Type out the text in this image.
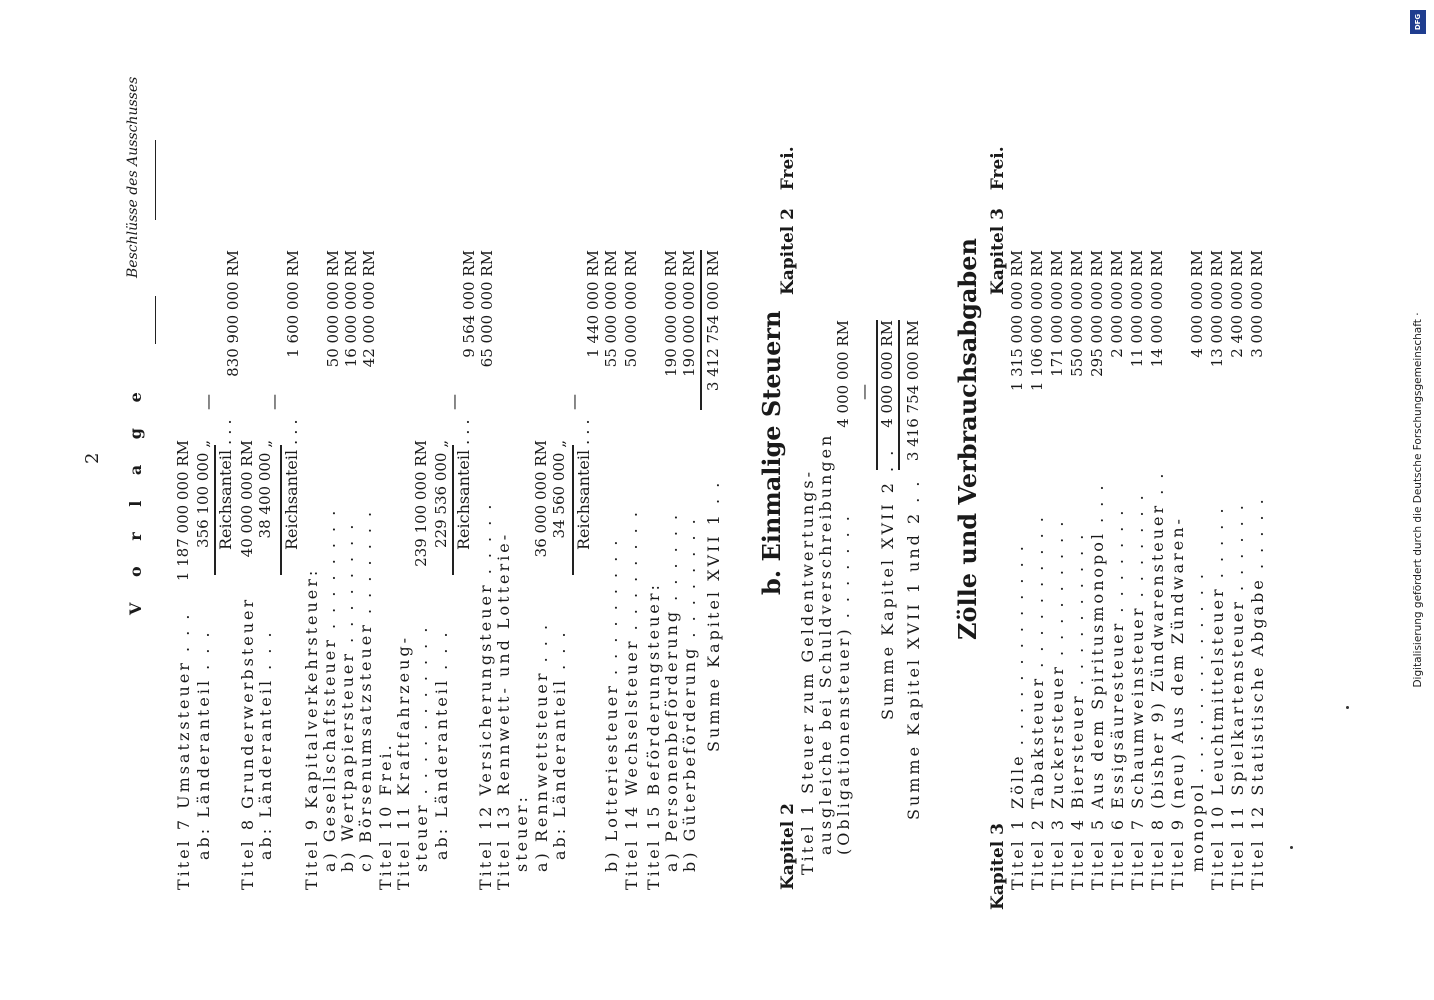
V o r l a g e
2
Beschlüsse des Ausschusses
Titel 7 Umsatzsteuer . . .
1 187 000 000 RM
ab: Länderanteil . . .
356 100 000 „ Reichsanteil . . .
830 900 000 RM
—
Titel 8 Grunderwerbsteuer
40 000 000 RM
ab: Länderanteil . . .
38 400 000 „ Reichsanteil . . .
1 600 000 RM
—
Titel 9 Kapitalverkehrsteuer: a) Gesellschaftsteuer . . . . . . . .
50 000 000 RM
b) Wertpapiersteuer . . . . . . . .
16 000 000 RM
c) Börsenumsatzsteuer . . . . . . .
42 000 000 RM
Titel 10 Frei. Titel 11 Kraftfahrzeug- steuer . . . . . . . . . . .
239 100 000 RM
ab: Länderanteil . . .
229 536 000 „ Reichsanteil . . .
9 564 000 RM
—
Titel 12 Versicherungsteuer . . . . .
65 000 000 RM
Titel 13 Rennwett- und Lotterie- steuer: a) Rennwettsteuer . . .
36 000 000 RM
ab: Länderanteil . . .
34 560 000 „ Reichsanteil . . .
1 440 000 RM
—
b) Lotteriesteuer . . . . . . . . .
55 000 000 RM
Titel 14 Wechselsteuer . . . . . . . .
50 000 000 RM
Titel 15 Beförderungsteuer: a) Personenbeförderung . . . . . .
190 000 000 RM
b) Güterbeförderung . . . . . . . .
190 000 000 RM
Summe Kapitel XVII 1 . .
3 412 754 000 RM b. Einmalige Steuern
Kapitel 2
Kapitel 2   Frei.
Titel 1 Steuer zum Geldentwertungs- ausgleiche bei Schuldverschreibungen (Obligationensteuer) . . . . . . .
4 000 000 RM —
Summe Kapitel XVII 2 . .
4 000 000 RM
Summe Kapitel XVII 1 und 2 . .
3 416 754 000 RM Zölle und Verbrauchsabgaben
Kapitel 3
Kapitel 3   Frei.
Titel 1 Zölle . . . . . . . . . . . . .
1 315 000 000 RM
Titel 2 Tabaksteuer . . . . . . . . . .
1 106 000 000 RM
Titel 3 Zuckersteuer . . . . . . . . .
171 000 000 RM
Titel 4 Biersteuer . . . . . . . . . .
550 000 000 RM
Titel 5 Aus dem Spiritusmonopol . . .
295 000 000 RM
Titel 6 Essigsäuresteuer . . . . . . .
2 000 000 RM
Titel 7 Schaumweinsteuer . . . . . . .
11 000 000 RM
Titel 8 (bisher 9) Zündwarensteuer . .
14 000 000 RM
Titel 9 (neu) Aus dem Zündwaren- monopol . . . . . . . . . . . . .
4 000 000 RM
Titel 10 Leuchtmittelsteuer . . . . .
13 000 000 RM
Titel 11 Spielkartensteuer . . . . . .
2 400 000 RM
Titel 12 Statistische Abgabe . . . . .
3 000 000 RM
Digitalisierung gefördert durch die Deutsche Forschungsgemeinschaft ·
DFG
